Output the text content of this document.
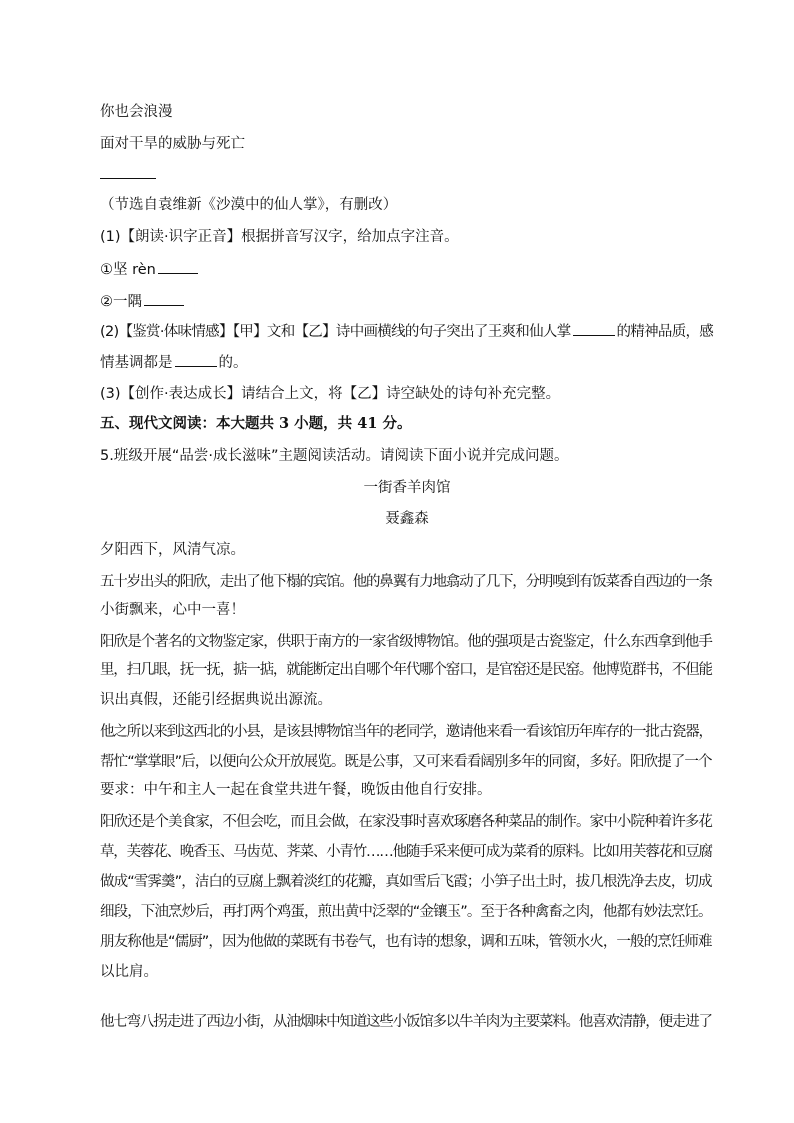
你也会浪漫
面对干旱的威胁与死亡
（节选自袁维新《沙漠中的仙人掌》，有删改）
(1)【朗读·识字正音】根据拼音写汉字，给加点字注音。
①坚 rèn
②一隅
(2)【鉴赏·体味情感】【甲】文和【乙】诗中画横线的句子突出了王爽和仙人掌	的精神品质，感
情基调都是	的。
(3)【创作·表达成长】请结合上文，将【乙】诗空缺处的诗句补充完整。
五、现代文阅读：本大题共 3 小题，共 41 分。
5.班级开展“品尝·成长滋味”主题阅读活动。请阅读下面小说并完成问题。
一街香羊肉馆
聂鑫森
夕阳西下，风清气凉。
五十岁出头的阳欣，走出了他下榻的宾馆。他的鼻翼有力地翕动了几下，分明嗅到有饭菜香自西边的一条
小街飘来，心中一喜！
阳欣是个著名的文物鉴定家，供职于南方的一家省级博物馆。他的强项是古瓷鉴定，什么东西拿到他手
里，扫几眼，抚一抚，掂一掂，就能断定出自哪个年代哪个窑口，是官窑还是民窑。他博览群书，不但能
识出真假，还能引经据典说出源流。
他之所以来到这西北的小县，是该县博物馆当年的老同学，邀请他来看一看该馆历年库存的一批古瓷器，
帮忙“掌掌眼”后，以便向公众开放展览。既是公事，又可来看看阔别多年的同窗，多好。阳欣提了一个
要求：中午和主人一起在食堂共进午餐，晚饭由他自行安排。
阳欣还是个美食家，不但会吃，而且会做，在家没事时喜欢琢磨各种菜品的制作。家中小院种着许多花
草，芙蓉花、晚香玉、马齿苋、荠菜、小青竹……他随手采来便可成为菜肴的原料。比如用芙蓉花和豆腐
做成“雪霁羹”，洁白的豆腐上飘着淡红的花瓣，真如雪后飞霞；小笋子出土时，拔几根洗净去皮，切成
细段，下油烹炒后，再打两个鸡蛋，煎出黄中泛翠的“金镶玉”。至于各种禽畜之肉，他都有妙法烹饪。
朋友称他是“儒厨”，因为他做的菜既有书卷气，也有诗的想象，调和五味，管领水火，一般的烹饪师难
以比肩。
他七弯八拐走进了西边小街，从油烟味中知道这些小饭馆多以牛羊肉为主要菜料。他喜欢清静，便走进了
